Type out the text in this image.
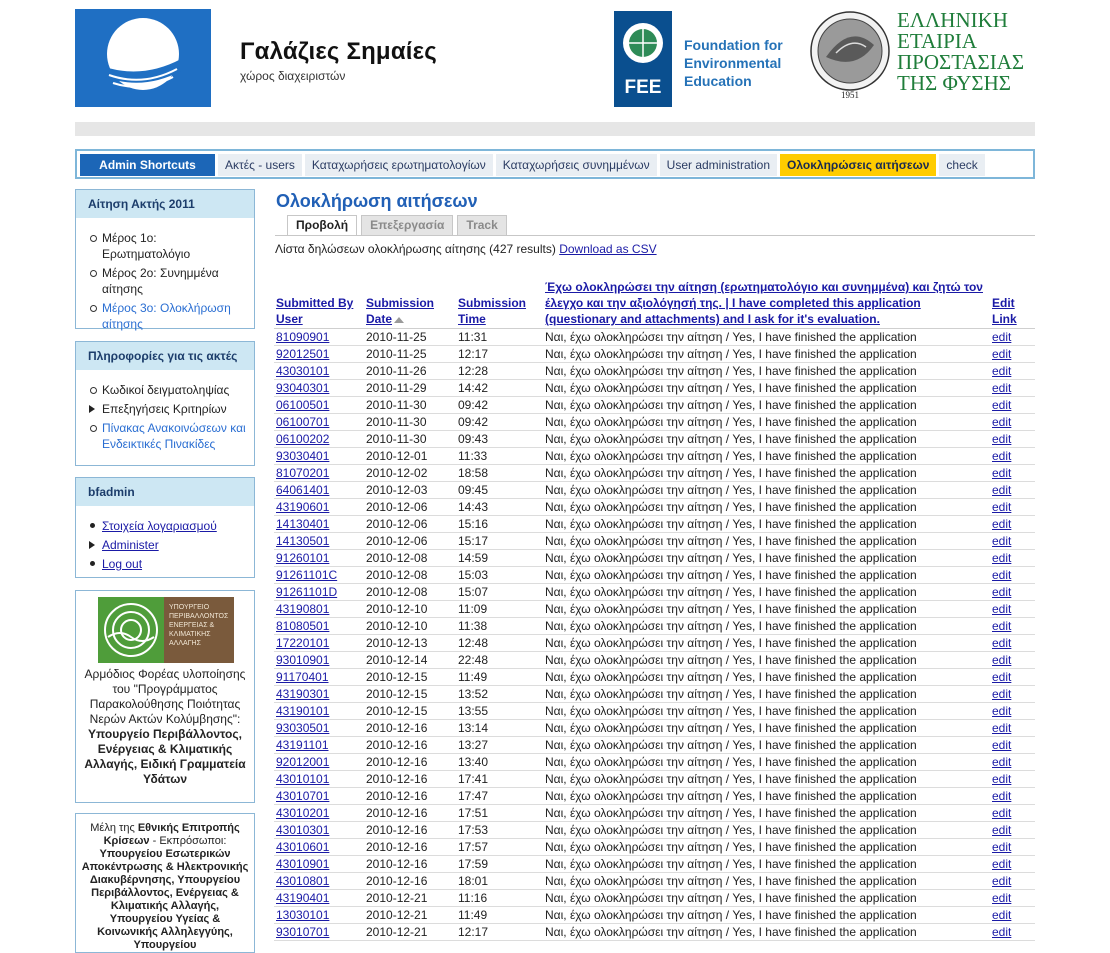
Γαλάζιες Σημαίες
χώρος διαχειριστών
FEE
Foundation for Environmental Education
1951
ΕΛΛΗΝΙΚΗ ΕΤΑΙΡΙΑ ΠΡΟΣΤΑΣΙΑΣ ΤΗΣ ΦΥΣΗΣ
Admin Shortcuts	Ακτές - users	Καταχωρήσεις ερωτηματολογίων	Καταχωρήσεις συνημμένων	User administration	Ολοκληρώσεις αιτήσεων	check
Αίτηση Ακτής 2011
Μέρος 1ο: Ερωτηματολόγιο
Μέρος 2ο: Συνημμένα αίτησης
Μέρος 3ο: Ολοκλήρωση αίτησης
Πληροφορίες για τις ακτές
Κωδικοί δειγματοληψίας
Επεξηγήσεις Κριτηρίων
Πίνακας Ανακοινώσεων και Ενδεικτικές Πινακίδες
bfadmin
Στοιχεία λογαριασμού
Administer
Log out
ΥΠΟΥΡΓΕΙΟ ΠΕΡΙΒΑΛΛΟΝΤΟΣ ΕΝΕΡΓΕΙΑΣ & ΚΛΙΜΑΤΙΚΗΣ ΑΛΛΑΓΗΣ
Αρμόδιος Φορέας υλοποίησης του "Προγράμματος Παρακολούθησης Ποιότητας Νερών Ακτών Κολύμβησης": Υπουργείο Περιβάλλοντος, Ενέργειας & Κλιματικής Αλλαγής, Ειδική Γραμματεία Υδάτων
Μέλη της Εθνικής Επιτροπής Κρίσεων - Εκπρόσωποι: Υπουργείου Εσωτερικών Αποκέντρωσης & Ηλεκτρονικής Διακυβέρνησης, Υπουργείου Περιβάλλοντος, Ενέργειας & Κλιματικής Αλλαγής, Υπουργείου Υγείας & Κοινωνικής Αλληλεγγύης, Υπουργείου
Ολοκλήρωση αιτήσεων
Προβολή	Επεξεργασία	Track
Λίστα δηλώσεων ολοκλήρωσης αίτησης (427 results) Download as CSV
Submitted By User	Submission Date	Submission Time	Έχω ολοκληρώσει την αίτηση (ερωτηματολόγιο και συνημμένα) και ζητώ τον έλεγχο και την αξιολόγησή της. | I have completed this application (questionary and attachments) and I ask for it's evaluation.	Edit Link
81090901	2010-11-25	11:31	Ναι, έχω ολοκληρώσει την αίτηση / Yes, I have finished the application	edit
92012501	2010-11-25	12:17	Ναι, έχω ολοκληρώσει την αίτηση / Yes, I have finished the application	edit
43030101	2010-11-26	12:28	Ναι, έχω ολοκληρώσει την αίτηση / Yes, I have finished the application	edit
93040301	2010-11-29	14:42	Ναι, έχω ολοκληρώσει την αίτηση / Yes, I have finished the application	edit
06100501	2010-11-30	09:42	Ναι, έχω ολοκληρώσει την αίτηση / Yes, I have finished the application	edit
06100701	2010-11-30	09:42	Ναι, έχω ολοκληρώσει την αίτηση / Yes, I have finished the application	edit
06100202	2010-11-30	09:43	Ναι, έχω ολοκληρώσει την αίτηση / Yes, I have finished the application	edit
93030401	2010-12-01	11:33	Ναι, έχω ολοκληρώσει την αίτηση / Yes, I have finished the application	edit
81070201	2010-12-02	18:58	Ναι, έχω ολοκληρώσει την αίτηση / Yes, I have finished the application	edit
64061401	2010-12-03	09:45	Ναι, έχω ολοκληρώσει την αίτηση / Yes, I have finished the application	edit
43190601	2010-12-06	14:43	Ναι, έχω ολοκληρώσει την αίτηση / Yes, I have finished the application	edit
14130401	2010-12-06	15:16	Ναι, έχω ολοκληρώσει την αίτηση / Yes, I have finished the application	edit
14130501	2010-12-06	15:17	Ναι, έχω ολοκληρώσει την αίτηση / Yes, I have finished the application	edit
91260101	2010-12-08	14:59	Ναι, έχω ολοκληρώσει την αίτηση / Yes, I have finished the application	edit
91261101C	2010-12-08	15:03	Ναι, έχω ολοκληρώσει την αίτηση / Yes, I have finished the application	edit
91261101D	2010-12-08	15:07	Ναι, έχω ολοκληρώσει την αίτηση / Yes, I have finished the application	edit
43190801	2010-12-10	11:09	Ναι, έχω ολοκληρώσει την αίτηση / Yes, I have finished the application	edit
81080501	2010-12-10	11:38	Ναι, έχω ολοκληρώσει την αίτηση / Yes, I have finished the application	edit
17220101	2010-12-13	12:48	Ναι, έχω ολοκληρώσει την αίτηση / Yes, I have finished the application	edit
93010901	2010-12-14	22:48	Ναι, έχω ολοκληρώσει την αίτηση / Yes, I have finished the application	edit
91170401	2010-12-15	11:49	Ναι, έχω ολοκληρώσει την αίτηση / Yes, I have finished the application	edit
43190301	2010-12-15	13:52	Ναι, έχω ολοκληρώσει την αίτηση / Yes, I have finished the application	edit
43190101	2010-12-15	13:55	Ναι, έχω ολοκληρώσει την αίτηση / Yes, I have finished the application	edit
93030501	2010-12-16	13:14	Ναι, έχω ολοκληρώσει την αίτηση / Yes, I have finished the application	edit
43191101	2010-12-16	13:27	Ναι, έχω ολοκληρώσει την αίτηση / Yes, I have finished the application	edit
92012001	2010-12-16	13:40	Ναι, έχω ολοκληρώσει την αίτηση / Yes, I have finished the application	edit
43010101	2010-12-16	17:41	Ναι, έχω ολοκληρώσει την αίτηση / Yes, I have finished the application	edit
43010701	2010-12-16	17:47	Ναι, έχω ολοκληρώσει την αίτηση / Yes, I have finished the application	edit
43010201	2010-12-16	17:51	Ναι, έχω ολοκληρώσει την αίτηση / Yes, I have finished the application	edit
43010301	2010-12-16	17:53	Ναι, έχω ολοκληρώσει την αίτηση / Yes, I have finished the application	edit
43010601	2010-12-16	17:57	Ναι, έχω ολοκληρώσει την αίτηση / Yes, I have finished the application	edit
43010901	2010-12-16	17:59	Ναι, έχω ολοκληρώσει την αίτηση / Yes, I have finished the application	edit
43010801	2010-12-16	18:01	Ναι, έχω ολοκληρώσει την αίτηση / Yes, I have finished the application	edit
43190401	2010-12-21	11:16	Ναι, έχω ολοκληρώσει την αίτηση / Yes, I have finished the application	edit
13030101	2010-12-21	11:49	Ναι, έχω ολοκληρώσει την αίτηση / Yes, I have finished the application	edit
93010701	2010-12-21	12:17	Ναι, έχω ολοκληρώσει την αίτηση / Yes, I have finished the application	edit
